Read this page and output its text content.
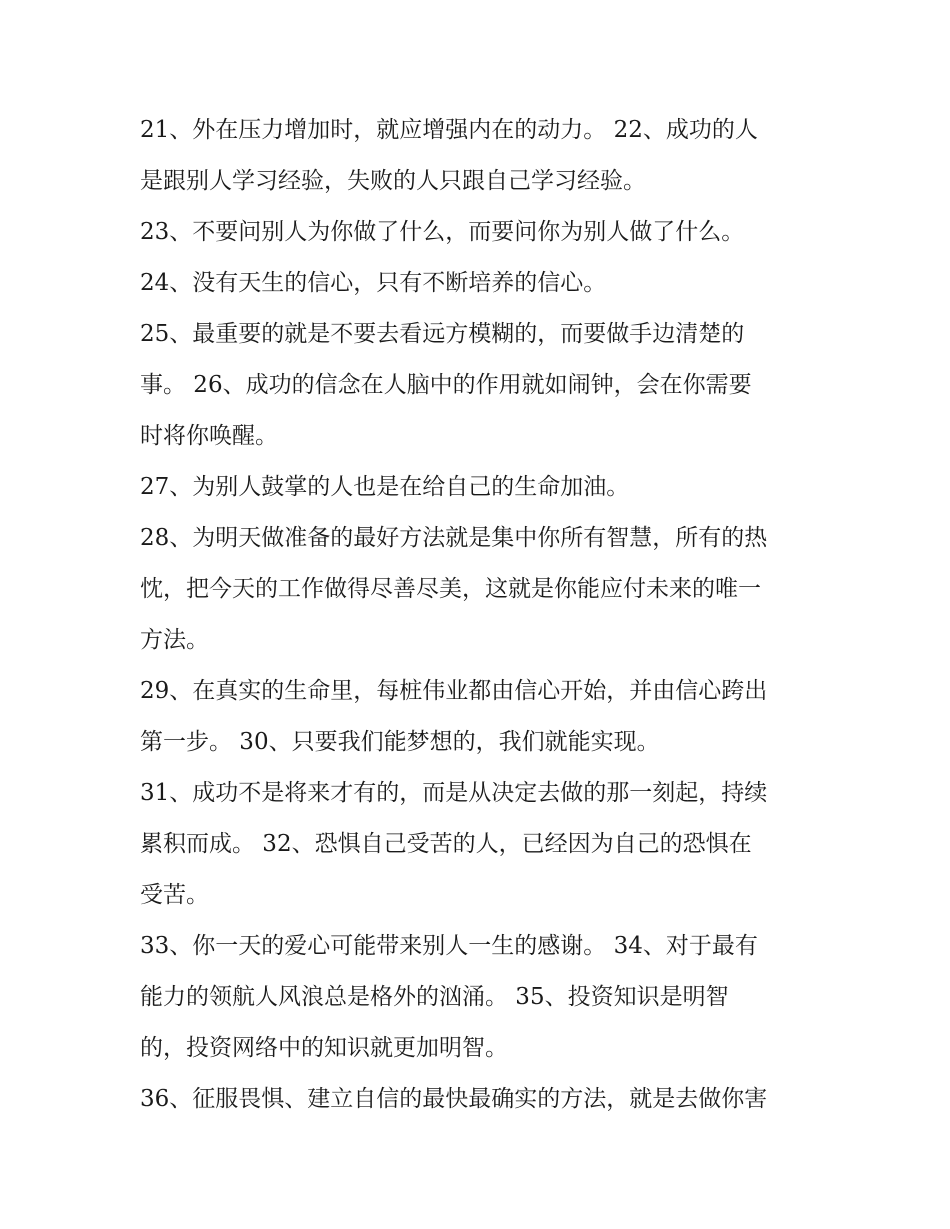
21、外在压力增加时，就应增强内在的动力。 22、成功的人
是跟别人学习经验，失败的人只跟自己学习经验。
23、不要问别人为你做了什么，而要问你为别人做了什么。
24、没有天生的信心，只有不断培养的信心。
25、最重要的就是不要去看远方模糊的，而要做手边清楚的
事。 26、成功的信念在人脑中的作用就如闹钟，会在你需要
时将你唤醒。
27、为别人鼓掌的人也是在给自己的生命加油。
28、为明天做准备的最好方法就是集中你所有智慧，所有的热
忱，把今天的工作做得尽善尽美，这就是你能应付未来的唯一
方法。
29、在真实的生命里，每桩伟业都由信心开始，并由信心跨出
第一步。 30、只要我们能梦想的，我们就能实现。
31、成功不是将来才有的，而是从决定去做的那一刻起，持续
累积而成。 32、恐惧自己受苦的人，已经因为自己的恐惧在
受苦。
33、你一天的爱心可能带来别人一生的感谢。 34、对于最有
能力的领航人风浪总是格外的汹涌。 35、投资知识是明智
的，投资网络中的知识就更加明智。
36、征服畏惧、建立自信的最快最确实的方法，就是去做你害
